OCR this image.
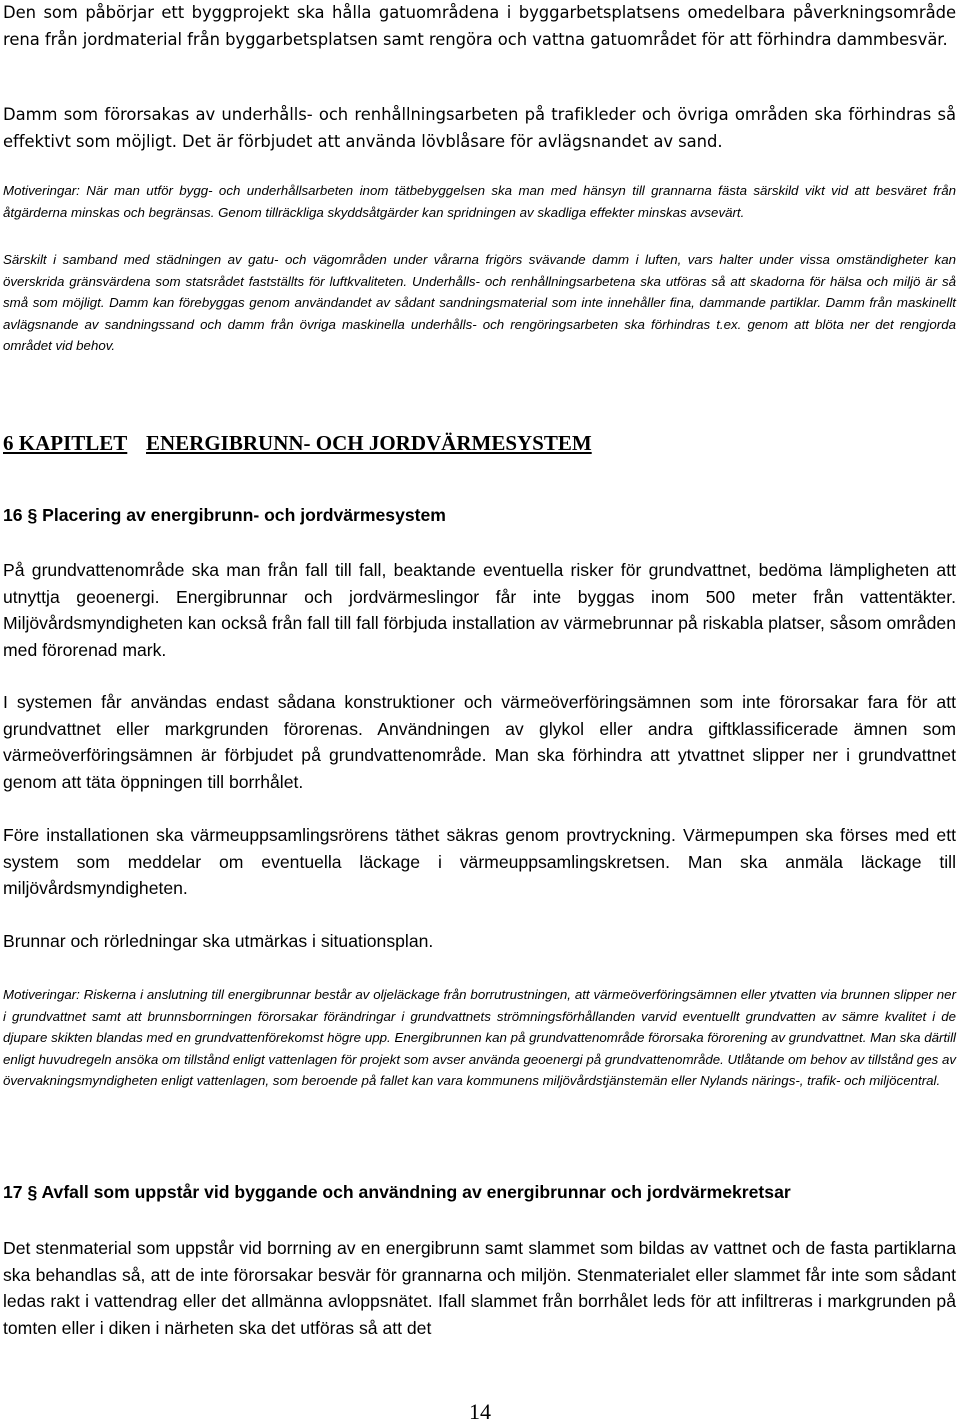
Den som påbörjar ett byggprojekt ska hålla gatuområdena i byggarbetsplatsens omedelbara påverkningsområde rena från jordmaterial från byggarbetsplatsen samt rengöra och vattna gatuområdet för att förhindra dammbesvär.

Damm som förorsakas av underhålls- och renhållningsarbeten på trafikleder och övriga områden ska förhindras så effektivt som möjligt. Det är förbjudet att använda lövblåsare för avlägsnandet av sand.

Motiveringar: När man utför bygg- och underhållsarbeten inom tätbebyggelsen ska man med hänsyn till grannarna fästa särskild vikt vid att besväret från åtgärderna minskas och begränsas. Genom tillräckliga skyddsåtgärder kan spridningen av skadliga effekter minskas avsevärt.

Särskilt i samband med städningen av gatu- och vägområden under vårarna frigörs svävande damm i luften, vars halter under vissa omständigheter kan överskrida gränsvärdena som statsrådet fastställts för luftkvaliteten. Underhålls- och renhållningsarbetena ska utföras så att skadorna för hälsa och miljö är så små som möjligt. Damm kan förebyggas genom användandet av sådant sandningsmaterial som inte innehåller fina, dammande partiklar. Damm från maskinellt avlägsnande av sandningssand och damm från övriga maskinella underhålls- och rengöringsarbeten ska förhindras t.ex. genom att blöta ner det rengjorda området vid behov.

6 KAPITLET ENERGIBRUNN- OCH JORDVÄRMESYSTEM
16 § Placering av energibrunn- och jordvärmesystem

På grundvattenområde ska man från fall till fall, beaktande eventuella risker för grundvattnet, bedöma lämpligheten att utnyttja geoenergi. Energibrunnar och jordvärmeslingor får inte byggas inom 500 meter från vattentäkter. Miljövårdsmyndigheten kan också från fall till fall förbjuda installation av värmebrunnar på riskabla platser, såsom områden med förorenad mark.

I systemen får användas endast sådana konstruktioner och värmeöverföringsämnen som inte förorsakar fara för att grundvattnet eller markgrunden förorenas. Användningen av glykol eller andra giftklassificerade ämnen som värmeöverföringsämnen är förbjudet på grundvattenområde. Man ska förhindra att ytvattnet slipper ner i grundvattnet genom att täta öppningen till borrhålet.

Före installationen ska värmeuppsamlingsrörens täthet säkras genom provtryckning. Värmepumpen ska förses med ett system som meddelar om eventuella läckage i värmeuppsamlingskretsen. Man ska anmäla läckage till miljövårdsmyndigheten.

Brunnar och rörledningar ska utmärkas i situationsplan.

Motiveringar: Riskerna i anslutning till energibrunnar består av oljeläckage från borrutrustningen, att värmeöverföringsämnen eller ytvatten via brunnen slipper ner i grundvattnet samt att brunnsborrningen förorsakar förändringar i grundvattnets strömningsförhållanden varvid eventuellt grundvatten av sämre kvalitet i de djupare skikten blandas med en grundvattenförekomst högre upp. Energibrunnen kan på grundvattenområde förorsaka förorening av grundvattnet. Man ska därtill enligt huvudregeln ansöka om tillstånd enligt vattenlagen för projekt som avser använda geoenergi på grundvattenområde. Utlåtande om behov av tillstånd ges av övervakningsmyndigheten enligt vattenlagen, som beroende på fallet kan vara kommunens miljövårdstjänstemän eller Nylands närings-, trafik- och miljöcentral.

17 § Avfall som uppstår vid byggande och användning av energibrunnar och jordvärmekretsar

Det stenmaterial som uppstår vid borrning av en energibrunn samt slammet som bildas av vattnet och de fasta partiklarna ska behandlas så, att de inte förorsakar besvär för grannarna och miljön. Stenmaterialet eller slammet får inte som sådant ledas rakt i vattendrag eller det allmänna avloppsnätet. Ifall slammet från borrhålet leds för att infiltreras i markgrunden på tomten eller i diken i närheten ska det utföras så att det

14
